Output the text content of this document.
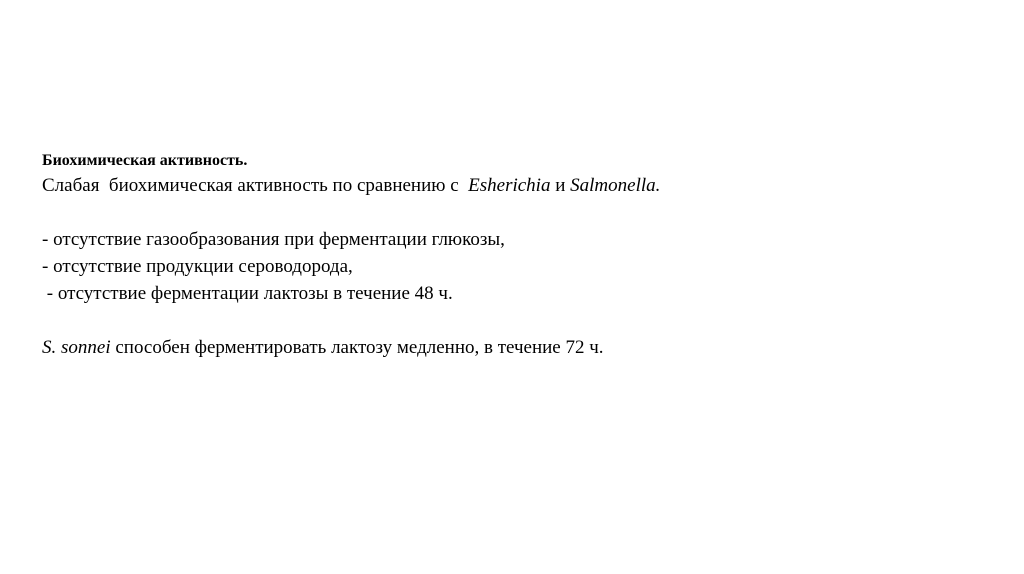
Биохимическая активность.

Слабая  биохимическая активность по сравнению с  Esherichia и Salmonella.

- отсутствие газообразования при ферментации глюкозы,

- отсутствие продукции сероводорода,

- отсутствие ферментации лактозы в течение 48 ч.

S. sonnei способен ферментировать лактозу медленно, в течение 72 ч.
